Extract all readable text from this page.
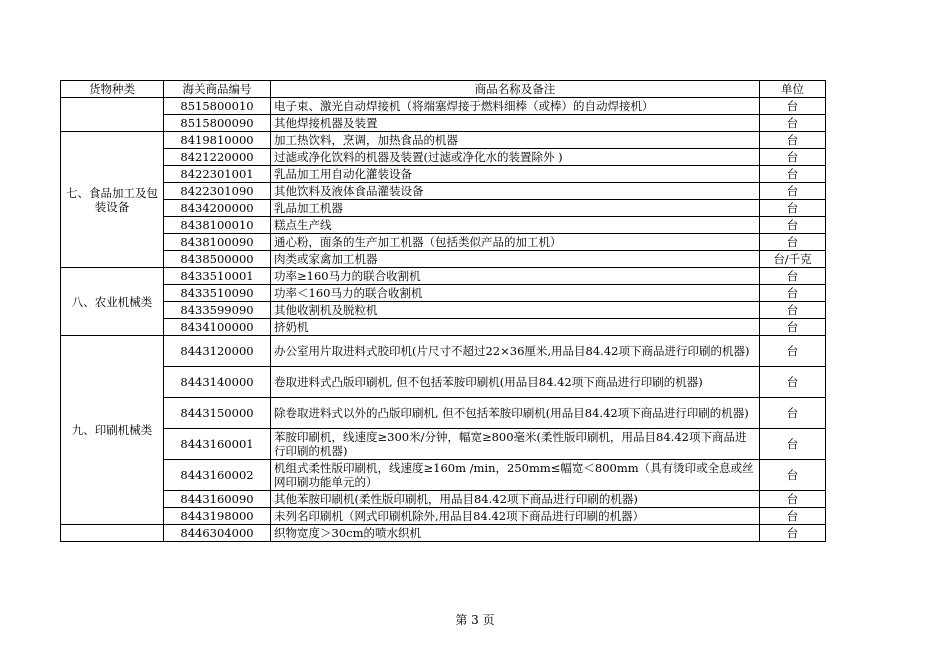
货物种类	海关商品编号	商品名称及备注	单位
	8515800010	电子束、激光自动焊接机（将端塞焊接于燃料细棒（或棒）的自动焊接机）	台
	8515800090	其他焊接机器及装置	台
七、食品加工及包装设备	8419810000	加工热饮料，烹调，加热食品的机器	台
	8421220000	过滤或净化饮料的机器及装置(过滤或净化水的装置除外 )	台
	8422301001	乳品加工用自动化灌装设备	台
	8422301090	其他饮料及液体食品灌装设备	台
	8434200000	乳品加工机器	台
	8438100010	糕点生产线	台
	8438100090	通心粉，面条的生产加工机器（包括类似产品的加工机）	台
	8438500000	肉类或家禽加工机器	台/千克
八、农业机械类	8433510001	功率≥160马力的联合收割机	台
	8433510090	功率＜160马力的联合收割机	台
	8433599090	其他收割机及脱粒机	台
	8434100000	挤奶机	台
九、印刷机械类	8443120000	办公室用片取进料式胶印机(片尺寸不超过22×36厘米,用品目84.42项下商品进行印刷的机器)	台
	8443140000	卷取进料式凸版印刷机, 但不包括苯胺印刷机(用品目84.42项下商品进行印刷的机器)	台
	8443150000	除卷取进料式以外的凸版印刷机, 但不包括苯胺印刷机(用品目84.42项下商品进行印刷的机器)	台
	8443160001	苯胺印刷机，线速度≥300米/分钟，幅宽≥800毫米(柔性版印刷机，用品目84.42项下商品进行印刷的机器)	台
	8443160002	机组式柔性版印刷机，线速度≥160m /min，250mm≤幅宽＜800mm（具有烫印或全息或丝网印刷功能单元的）	台
	8443160090	其他苯胺印刷机(柔性版印刷机，用品目84.42项下商品进行印刷的机器)	台
	8443198000	未列名印刷机（网式印刷机除外,用品目84.42项下商品进行印刷的机器）	台
	8446304000	织物宽度＞30cm的喷水织机	台
第 3 页
